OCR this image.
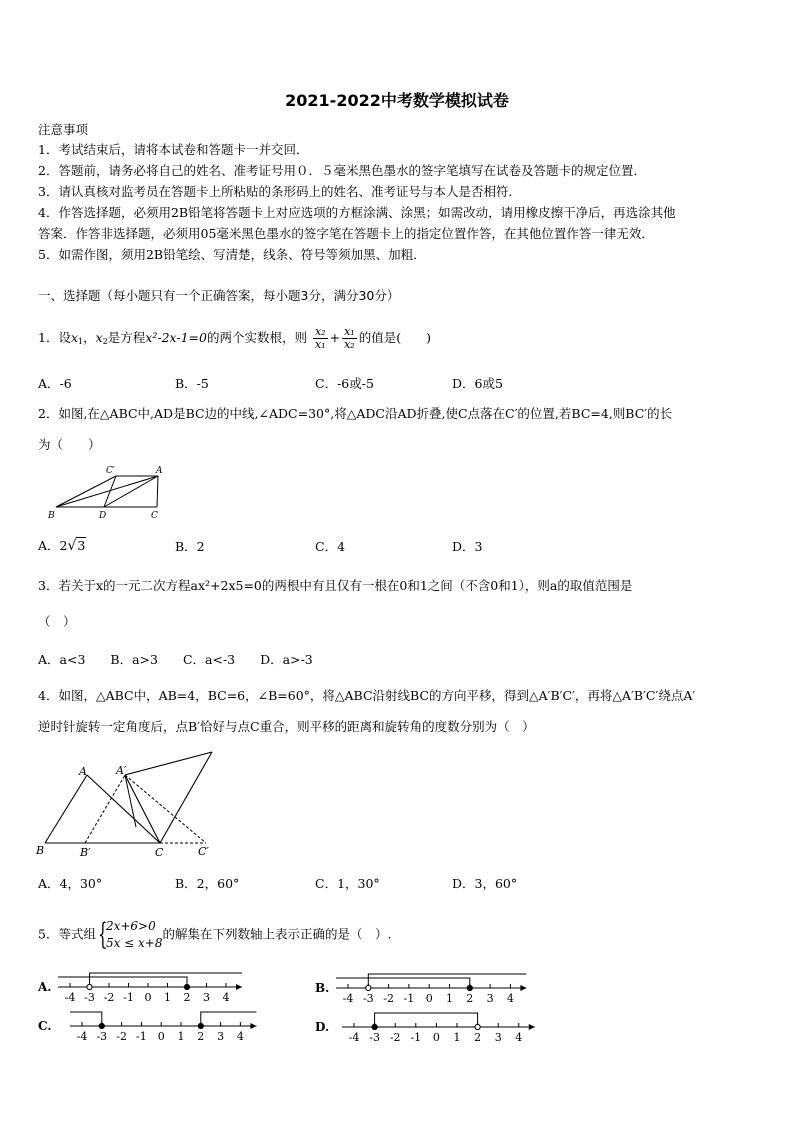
2021-2022中考数学模拟试卷
注意事项
1．考试结束后，请将本试卷和答题卡一并交回．
2．答题前，请务必将自己的姓名、准考证号用０．５毫米黑色墨水的签字笔填写在试卷及答题卡的规定位置．
3．请认真核对监考员在答题卡上所粘贴的条形码上的姓名、准考证号与本人是否相符．
4．作答选择题，必须用2B铅笔将答题卡上对应选项的方框涂满、涂黑；如需改动，请用橡皮擦干净后，再选涂其他
答案．作答非选择题，必须用05毫米黑色墨水的签字笔在答题卡上的指定位置作答，在其他位置作答一律无效．
5．如需作图，须用2B铅笔绘、写清楚，线条、符号等须加黑、加粗．
一、选择题（每小题只有一个正确答案，每小题3分，满分30分）
1．设$x_1$，$x_2$是方程x²-2x-1=0的两个实数根，则 $\frac{\text{x₂}}{\text{x₁}} + \frac{\text{x₁}}{\text{x₂}}$ 的值是(　　)
A．-6	B．-5	C．-6或-5	D．6或5
2．如图,在△ABC中,AD是BC边的中线,∠ADC=30°,将△ADC沿AD折叠,使C点落在C′的位置,若BC=4,则BC′的长
为（　　）
B	D	C
C′	A
A．2√3	B．2	C．4	D．3
3．若关于x的一元二次方程ax²+2x5=0的两根中有且仅有一根在0和1之间（不含0和1），则a的取值范围是
（　）
A．a<3　　B．a>3　　C．a<-3　　D．a>-3
4．如图，△ABC中，AB=4，BC=6，∠B=60°，将△ABC沿射线BC的方向平移，得到△A′B′C′，再将△A′B′C′绕点A′
逆时针旋转一定角度后，点B′恰好与点C重合，则平移的距离和旋转角的度数分别为（　）
B
A	A′
B′	C	C′
A．4，30°	B．2，60°	C．1，30°	D．3，60°
5．等式组 {
2x+6>0
5x ≤ x+8
的解集在下列数轴上表示正确的是（　）.
A.
-4 -3 -2 -1 0 1 2 3 4
B.
-4 -3 -2 -1 0 1 2 3 4
C.
-4 -3 -2 -1 0 1 2 3 4
D.
-4 -3 -2 -1 0 1 2 3 4
